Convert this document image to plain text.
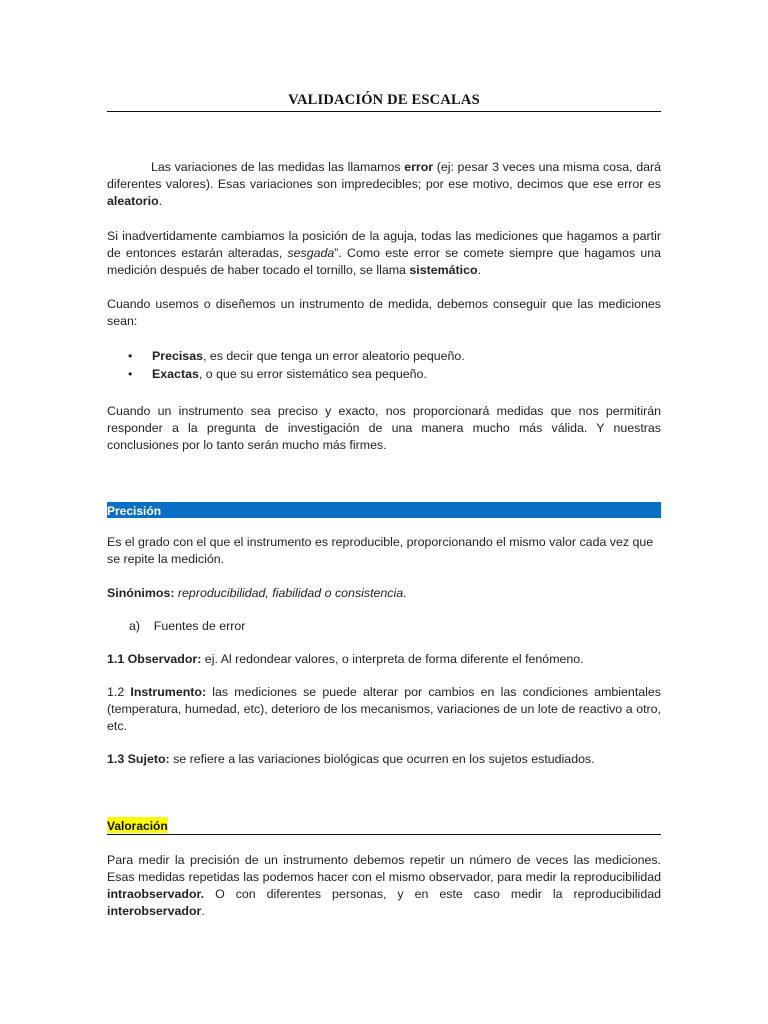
VALIDACIÓN DE ESCALAS

Las variaciones de las medidas las llamamos error (ej: pesar 3 veces una misma cosa, dará diferentes valores). Esas variaciones son impredecibles; por ese motivo, decimos que ese error es aleatorio.

Si inadvertidamente cambiamos la posición de la aguja, todas las mediciones que hagamos a partir de entonces estarán alteradas, sesgada”. Como este error se comete siempre que hagamos una medición después de haber tocado el tornillo, se llama sistemático.

Cuando usemos o diseñemos un instrumento de medida, debemos conseguir que las mediciones sean:

• Precisas, es decir que tenga un error aleatorio pequeño.
• Exactas, o que su error sistemático sea pequeño.

Cuando un instrumento sea preciso y exacto, nos proporcionará medidas que nos permitirán responder a la pregunta de investigación de una manera mucho más válida. Y nuestras conclusiones por lo tanto serán mucho más firmes.

Precisión

Es el grado con el que el instrumento es reproducible, proporcionando el mismo valor cada vez que se repite la medición.

Sinónimos: reproducibilidad, fiabilidad o consistencia.

a)    Fuentes de error

1.1 Observador: ej. Al redondear valores, o interpreta de forma diferente el fenómeno.

1.2 Instrumento: las mediciones se puede alterar por cambios en las condiciones ambientales (temperatura, humedad, etc), deterioro de los mecanismos, variaciones de un lote de reactivo a otro, etc.

1.3 Sujeto: se refiere a las variaciones biológicas que ocurren en los sujetos estudiados.

Valoración

Para medir la precisión de un instrumento debemos repetir un número de veces las mediciones. Esas medidas repetidas las podemos hacer con el mismo observador, para medir la reproducibilidad intraobservador. O con diferentes personas, y en este caso medir la reproducibilidad interobservador.
